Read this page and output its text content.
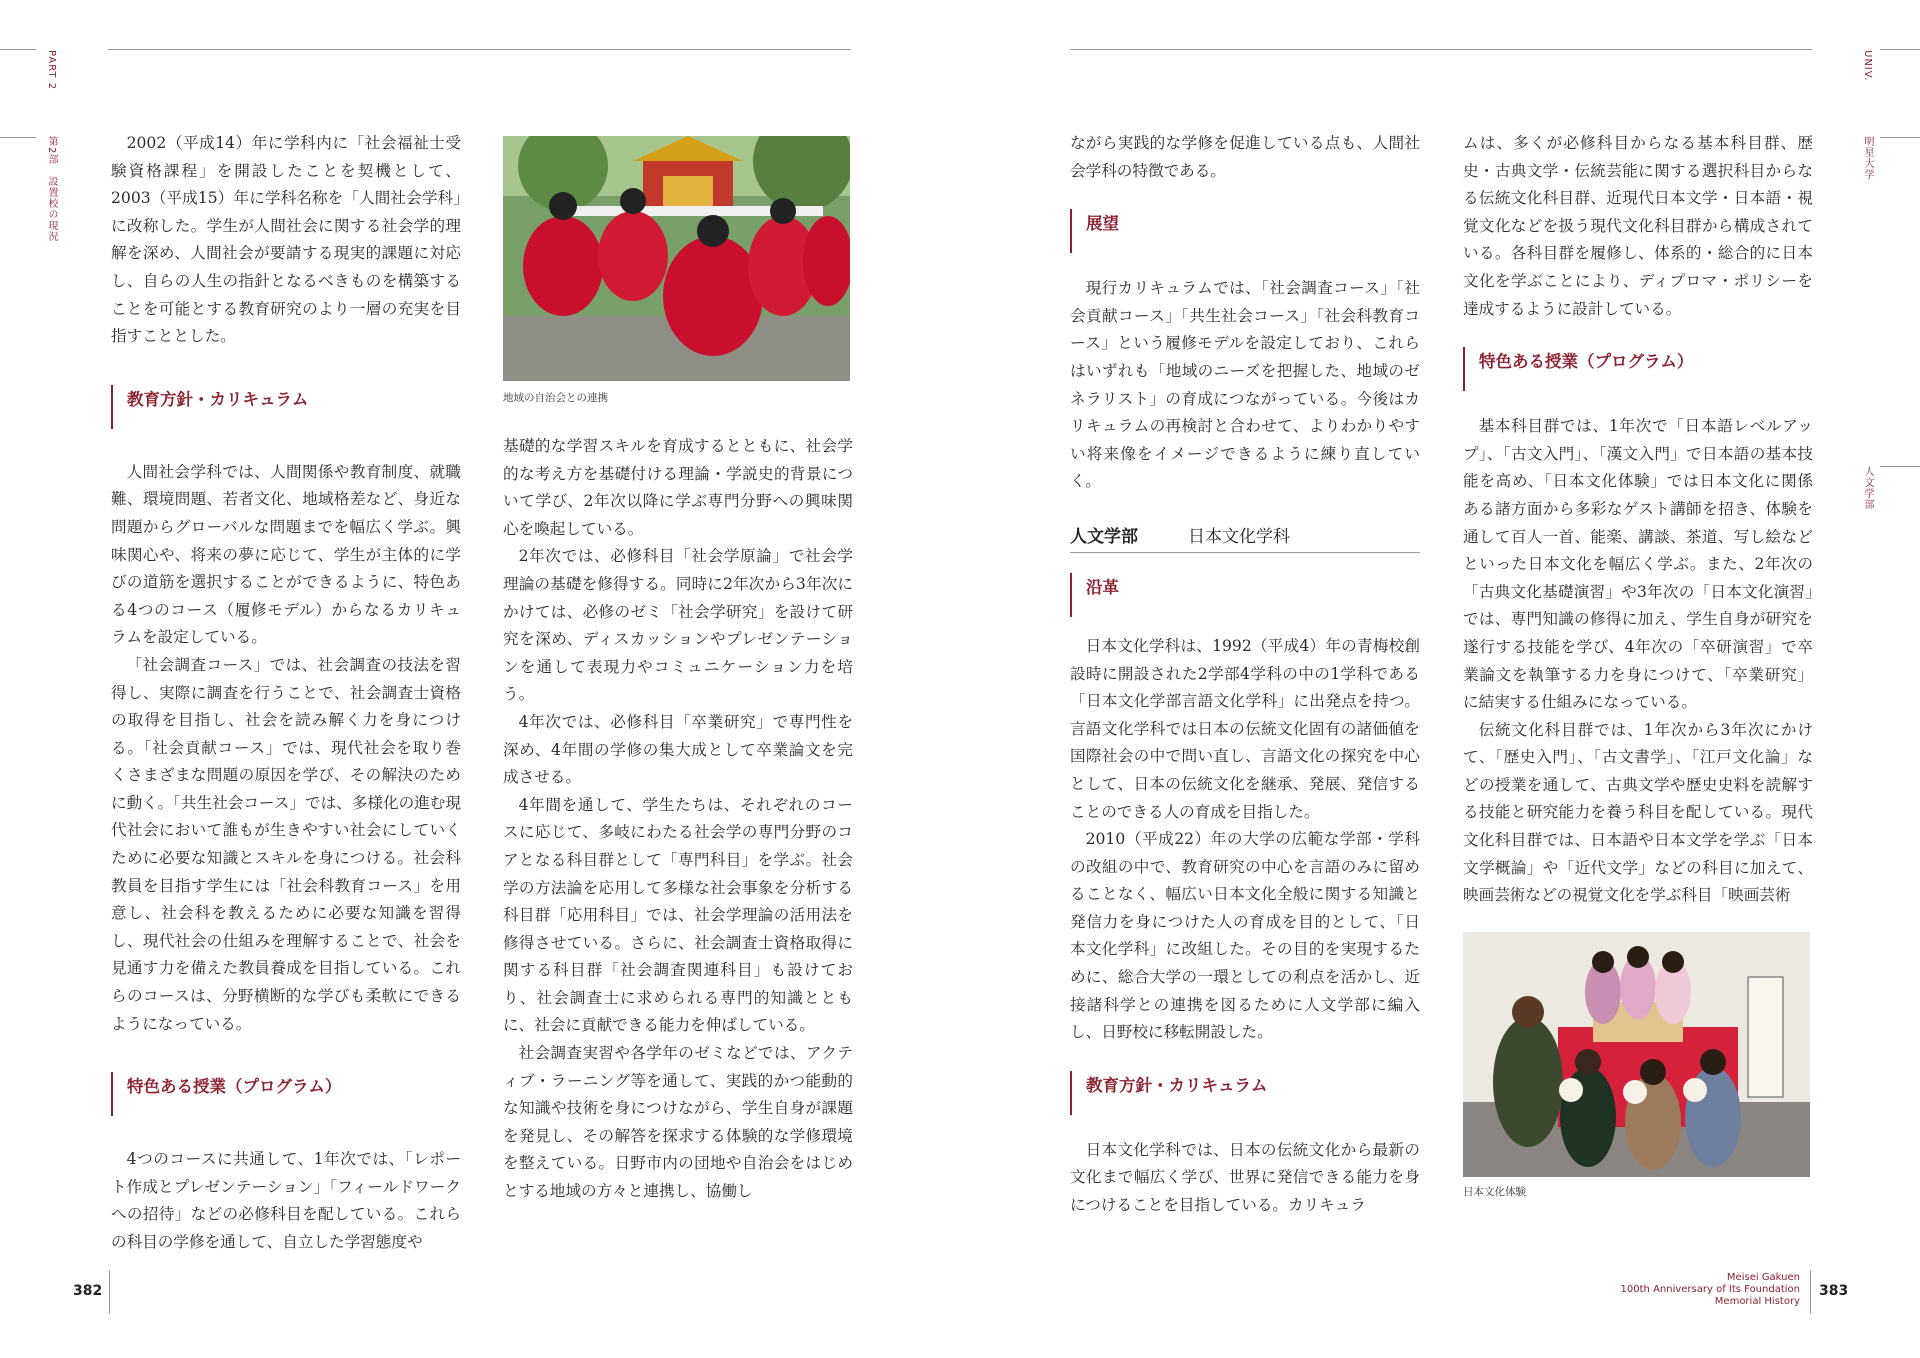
PART 2
第2部　設置校の現況
UNIV.
明星大学
人文学部

2002（平成14）年に学科内に「社会福祉士受験資格課程」を開設したことを契機として、2003（平成15）年に学科名称を「人間社会学科」に改称した。学生が人間社会に関する社会学的理解を深め、人間社会が要請する現実的課題に対応し、自らの人生の指針となるべきものを構築することを可能とする教育研究のより一層の充実を目指すこととした。

教育方針・カリキュラム

人間社会学科では、人間関係や教育制度、就職難、環境問題、若者文化、地域格差など、身近な問題からグローバルな問題までを幅広く学ぶ。興味関心や、将来の夢に応じて、学生が主体的に学びの道筋を選択することができるように、特色ある4つのコース（履修モデル）からなるカリキュラムを設定している。

「社会調査コース」では、社会調査の技法を習得し、実際に調査を行うことで、社会調査士資格の取得を目指し、社会を読み解く力を身につける。「社会貢献コース」では、現代社会を取り巻くさまざまな問題の原因を学び、その解決のために動く。「共生社会コース」では、多様化の進む現代社会において誰もが生きやすい社会にしていくために必要な知識とスキルを身につける。社会科教員を目指す学生には「社会科教育コース」を用意し、社会科を教えるために必要な知識を習得し、現代社会の仕組みを理解することで、社会を見通す力を備えた教員養成を目指している。これらのコースは、分野横断的な学びも柔軟にできるようになっている。

特色ある授業（プログラム）

4つのコースに共通して、1年次では、「レポート作成とプレゼンテーション」「フィールドワークへの招待」などの必修科目を配している。これらの科目の学修を通して、自立した学習態度や

地域の自治会との連携

基礎的な学習スキルを育成するとともに、社会学的な考え方を基礎付ける理論・学説史的背景について学び、2年次以降に学ぶ専門分野への興味関心を喚起している。

2年次では、必修科目「社会学原論」で社会学理論の基礎を修得する。同時に2年次から3年次にかけては、必修のゼミ「社会学研究」を設けて研究を深め、ディスカッションやプレゼンテーションを通して表現力やコミュニケーション力を培う。

4年次では、必修科目「卒業研究」で専門性を深め、4年間の学修の集大成として卒業論文を完成させる。

4年間を通して、学生たちは、それぞれのコースに応じて、多岐にわたる社会学の専門分野のコアとなる科目群として「専門科目」を学ぶ。社会学の方法論を応用して多様な社会事象を分析する科目群「応用科目」では、社会学理論の活用法を修得させている。さらに、社会調査士資格取得に関する科目群「社会調査関連科目」も設けており、社会調査士に求められる専門的知識とともに、社会に貢献できる能力を伸ばしている。

社会調査実習や各学年のゼミなどでは、アクティブ・ラーニング等を通して、実践的かつ能動的な知識や技術を身につけながら、学生自身が課題を発見し、その解答を探求する体験的な学修環境を整えている。日野市内の団地や自治会をはじめとする地域の方々と連携し、協働し

ながら実践的な学修を促進している点も、人間社会学科の特徴である。

展望

現行カリキュラムでは、「社会調査コース」「社会貢献コース」「共生社会コース」「社会科教育コース」という履修モデルを設定しており、これらはいずれも「地域のニーズを把握した、地域のゼネラリスト」の育成につながっている。今後はカリキュラムの再検討と合わせて、よりわかりやすい将来像をイメージできるように練り直していく。

人文学部	日本文化学科
沿革

日本文化学科は、1992（平成4）年の青梅校創設時に開設された2学部4学科の中の1学科である「日本文化学部言語文化学科」に出発点を持つ。言語文化学科では日本の伝統文化固有の諸価値を国際社会の中で問い直し、言語文化の探究を中心として、日本の伝統文化を継承、発展、発信することのできる人の育成を目指した。

2010（平成22）年の大学の広範な学部・学科の改組の中で、教育研究の中心を言語のみに留めることなく、幅広い日本文化全般に関する知識と発信力を身につけた人の育成を目的として、「日本文化学科」に改組した。その目的を実現するために、総合大学の一環としての利点を活かし、近接諸科学との連携を図るために人文学部に編入し、日野校に移転開設した。

教育方針・カリキュラム

日本文化学科では、日本の伝統文化から最新の文化まで幅広く学び、世界に発信できる能力を身につけることを目指している。カリキュラ

ムは、多くが必修科目からなる基本科目群、歴史・古典文学・伝統芸能に関する選択科目からなる伝統文化科目群、近現代日本文学・日本語・視覚文化などを扱う現代文化科目群から構成されている。各科目群を履修し、体系的・総合的に日本文化を学ぶことにより、ディプロマ・ポリシーを達成するように設計している。

特色ある授業（プログラム）

基本科目群では、1年次で「日本語レベルアップ」、「古文入門」、「漢文入門」で日本語の基本技能を高め、「日本文化体験」では日本文化に関係ある諸方面から多彩なゲスト講師を招き、体験を通して百人一首、能楽、講談、茶道、写し絵などといった日本文化を幅広く学ぶ。また、2年次の「古典文化基礎演習」や3年次の「日本文化演習」では、専門知識の修得に加え、学生自身が研究を遂行する技能を学び、4年次の「卒研演習」で卒業論文を執筆する力を身につけて、「卒業研究」に結実する仕組みになっている。

伝統文化科目群では、1年次から3年次にかけて、「歴史入門」、「古文書学」、「江戸文化論」などの授業を通して、古典文学や歴史史料を読解する技能と研究能力を養う科目を配している。現代文化科目群では、日本語や日本文学を学ぶ「日本文学概論」や「近代文学」などの科目に加えて、映画芸術などの視覚文化を学ぶ科目「映画芸術

日本文化体験
382
Meisei Gakuen
100th Anniversary of Its Foundation
Memorial History
383
